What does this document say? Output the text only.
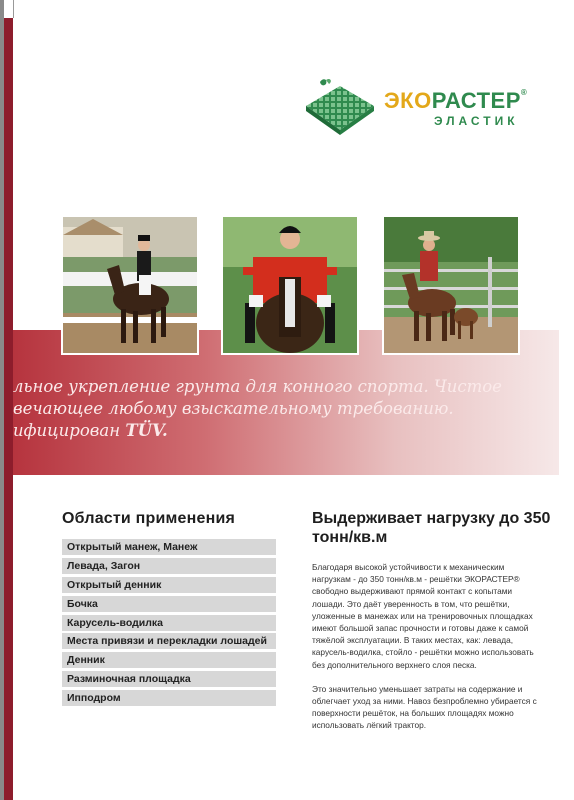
ЭКОРАСТЕР®
ЭЛАСТИК
льное укрепление грунта для конного спорта. Чистое
вечающее любому взыскательному требованию.
ифицирован TÜV.
Области применения
Открытый манеж, Манеж
Левада, Загон
Открытый денник
Бочка
Карусель-водилка
Места привязи и перекладки лошадей
Денник
Разминочная площадка
Ипподром
Выдерживает нагрузку до 350 тонн/кв.м

Благодаря высокой устойчивости к механическим нагрузкам - до 350 тонн/кв.м - решётки ЭКОРАСТЕР® свободно выдерживают прямой контакт с копытами лошади. Это даёт уверенность в том, что решётки, уложенные в манежах или на тренировочных площадках имеют большой запас прочности и готовы даже к самой тяжёлой эксплуатации. В таких местах, как: левада, карусель-водилка, стойло - решётки можно использовать без дополнительного верхнего слоя песка.

Это значительно уменьшает затраты на содержание и облегчает уход за ними. Навоз безпроблемно убирается с поверхности решёток, на больших площадях можно использовать лёгкий трактор.
